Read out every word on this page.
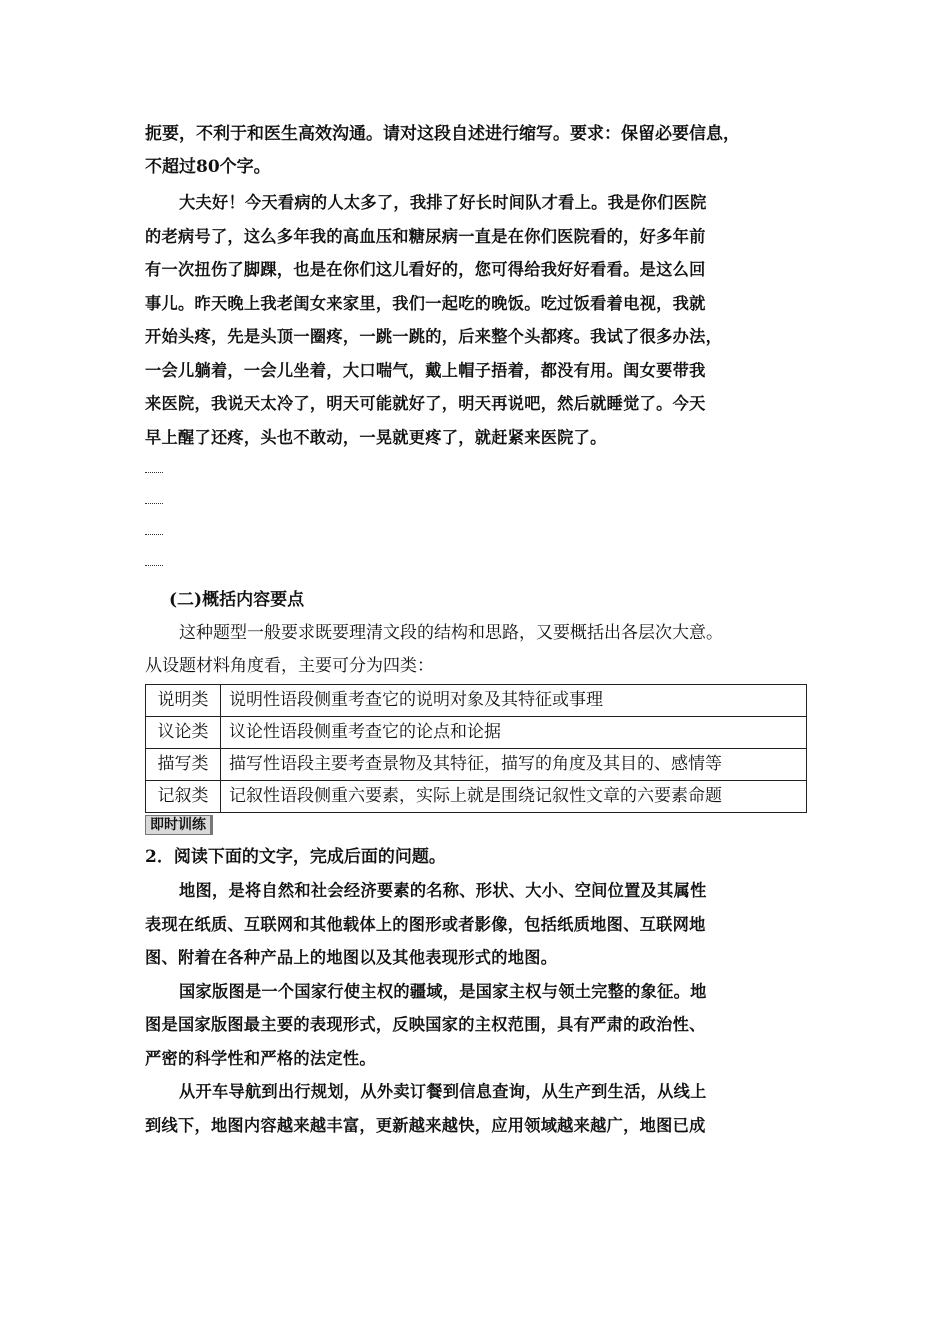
扼要，不利于和医生高效沟通。请对这段自述进行缩写。要求：保留必要信息，

不超过80个字。

大夫好！今天看病的人太多了，我排了好长时间队才看上。我是你们医院

的老病号了，这么多年我的高血压和糖尿病一直是在你们医院看的，好多年前

有一次扭伤了脚踝，也是在你们这儿看好的，您可得给我好好看看。是这么回

事儿。昨天晚上我老闺女来家里，我们一起吃的晚饭。吃过饭看着电视，我就

开始头疼，先是头顶一圈疼，一跳一跳的，后来整个头都疼。我试了很多办法，

一会儿躺着，一会儿坐着，大口喘气，戴上帽子捂着，都没有用。闺女要带我

来医院，我说天太冷了，明天可能就好了，明天再说吧，然后就睡觉了。今天

早上醒了还疼，头也不敢动，一晃就更疼了，就赶紧来医院了。

(二)概括内容要点

这种题型一般要求既要理清文段的结构和思路，又要概括出各层次大意。

从设题材料角度看，主要可分为四类：

说明类	说明性语段侧重考查它的说明对象及其特征或事理
议论类	议论性语段侧重考查它的论点和论据
描写类	描写性语段主要考查景物及其特征，描写的角度及其目的、感情等
记叙类	记叙性语段侧重六要素，实际上就是围绕记叙性文章的六要素命题
即时训练

2．阅读下面的文字，完成后面的问题。

地图，是将自然和社会经济要素的名称、形状、大小、空间位置及其属性

表现在纸质、互联网和其他载体上的图形或者影像，包括纸质地图、互联网地

图、附着在各种产品上的地图以及其他表现形式的地图。

国家版图是一个国家行使主权的疆域，是国家主权与领土完整的象征。地

图是国家版图最主要的表现形式，反映国家的主权范围，具有严肃的政治性、

严密的科学性和严格的法定性。

从开车导航到出行规划，从外卖订餐到信息查询，从生产到生活，从线上

到线下，地图内容越来越丰富，更新越来越快，应用领域越来越广，地图已成
